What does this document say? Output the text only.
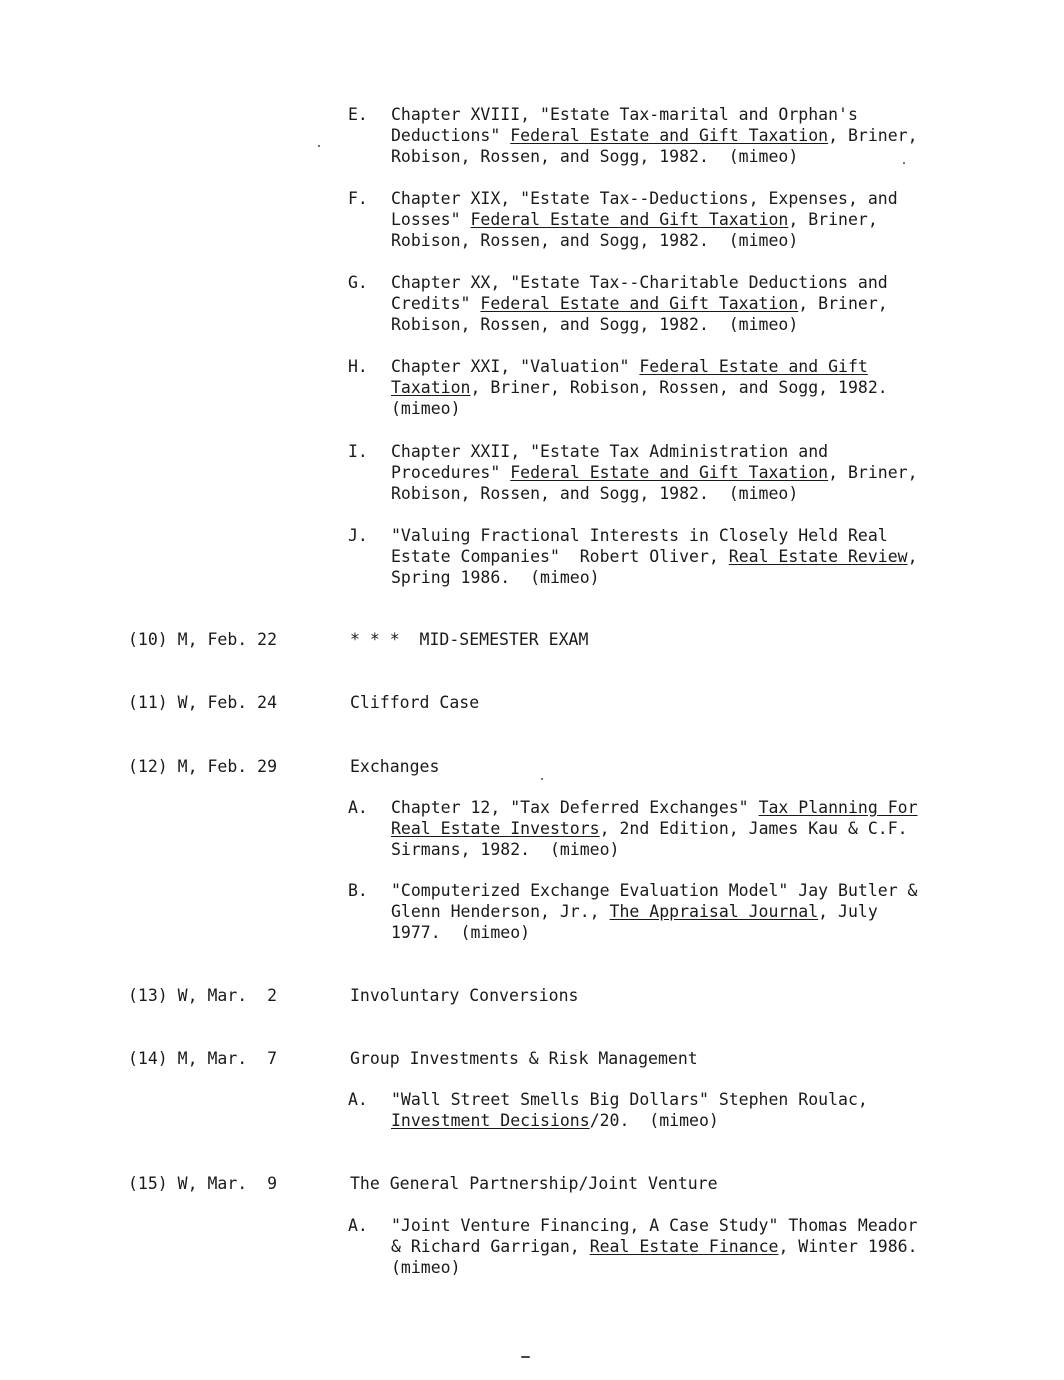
E. Chapter XVIII, "Estate Tax-marital and Orphan's
Deductions" Federal Estate and Gift Taxation, Briner,
Robison, Rossen, and Sogg, 1982.  (mimeo)
F. Chapter XIX, "Estate Tax--Deductions, Expenses, and
Losses" Federal Estate and Gift Taxation, Briner,
Robison, Rossen, and Sogg, 1982.  (mimeo)
G. Chapter XX, "Estate Tax--Charitable Deductions and
Credits" Federal Estate and Gift Taxation, Briner,
Robison, Rossen, and Sogg, 1982.  (mimeo)
H. Chapter XXI, "Valuation" Federal Estate and Gift
Taxation, Briner, Robison, Rossen, and Sogg, 1982.
(mimeo)
I. Chapter XXII, "Estate Tax Administration and
Procedures" Federal Estate and Gift Taxation, Briner,
Robison, Rossen, and Sogg, 1982.  (mimeo)
J. "Valuing Fractional Interests in Closely Held Real
Estate Companies"  Robert Oliver, Real Estate Review,
Spring 1986.  (mimeo)
(10) M, Feb. 22	* * *  MID-SEMESTER EXAM
(11) W, Feb. 24	Clifford Case
(12) M, Feb. 29	Exchanges
A. Chapter 12, "Tax Deferred Exchanges" Tax Planning For
Real Estate Investors, 2nd Edition, James Kau & C.F.
Sirmans, 1982.  (mimeo)
B. "Computerized Exchange Evaluation Model" Jay Butler &
Glenn Henderson, Jr., The Appraisal Journal, July
1977.  (mimeo)
(13) W, Mar.  2	Involuntary Conversions
(14) M, Mar.  7	Group Investments & Risk Management
A. "Wall Street Smells Big Dollars" Stephen Roulac,
Investment Decisions/20.  (mimeo)
(15) W, Mar.  9	The General Partnership/Joint Venture
A. "Joint Venture Financing, A Case Study" Thomas Meador
& Richard Garrigan, Real Estate Finance, Winter 1986.
(mimeo)
